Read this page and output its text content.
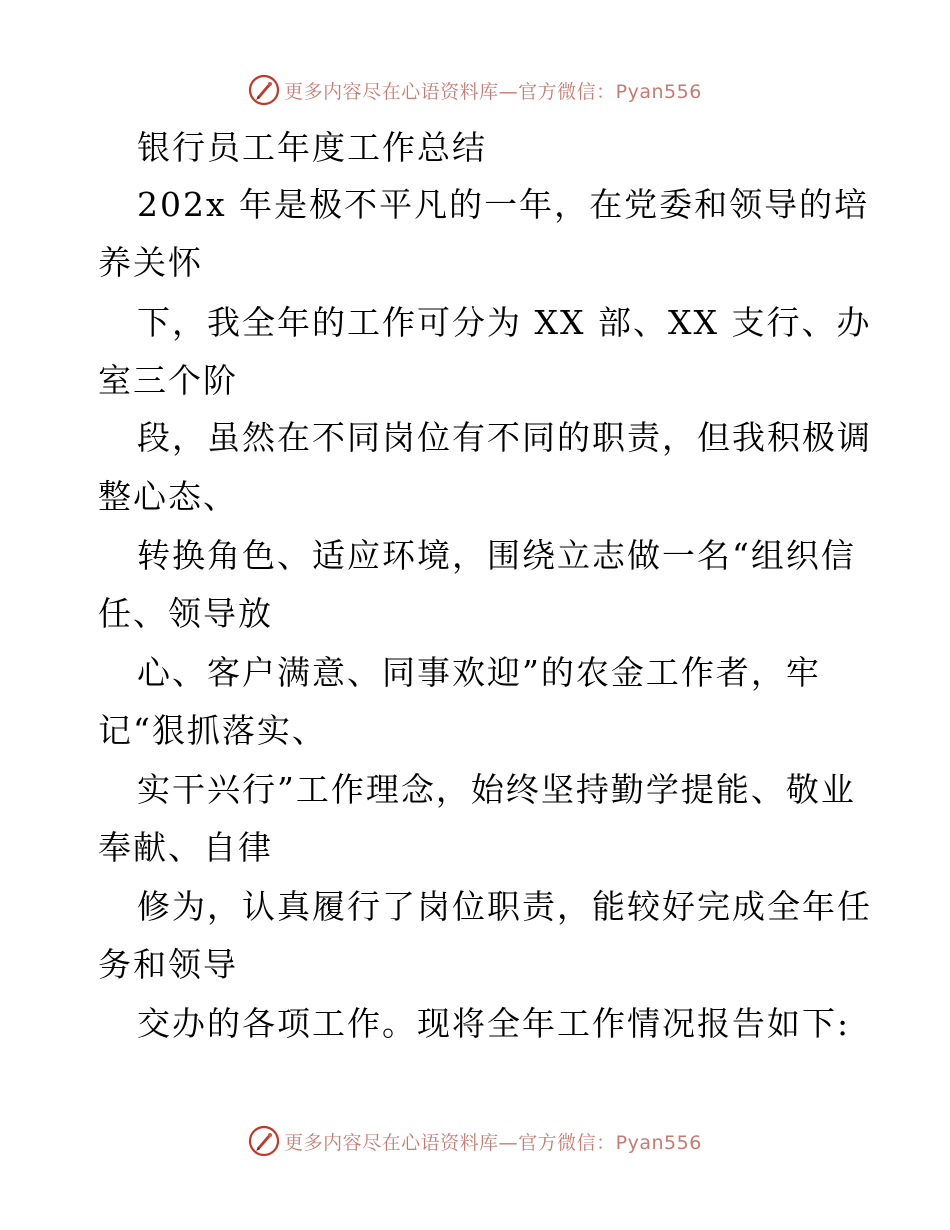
更多内容尽在心语资料库—官方微信：Pyan556
银行员工年度工作总结
202x 年是极不平凡的一年，在党委和领导的培
养关怀
下，我全年的工作可分为 XX 部、XX 支行、办
室三个阶
段，虽然在不同岗位有不同的职责，但我积极调
整心态、
转换角色、适应环境，围绕立志做一名“组织信
任、领导放
心、客户满意、同事欢迎”的农金工作者，牢
记“狠抓落实、
实干兴行”工作理念，始终坚持勤学提能、敬业
奉献、自律
修为，认真履行了岗位职责，能较好完成全年任
务和领导
交办的各项工作。现将全年工作情况报告如下:
更多内容尽在心语资料库—官方微信：Pyan556
